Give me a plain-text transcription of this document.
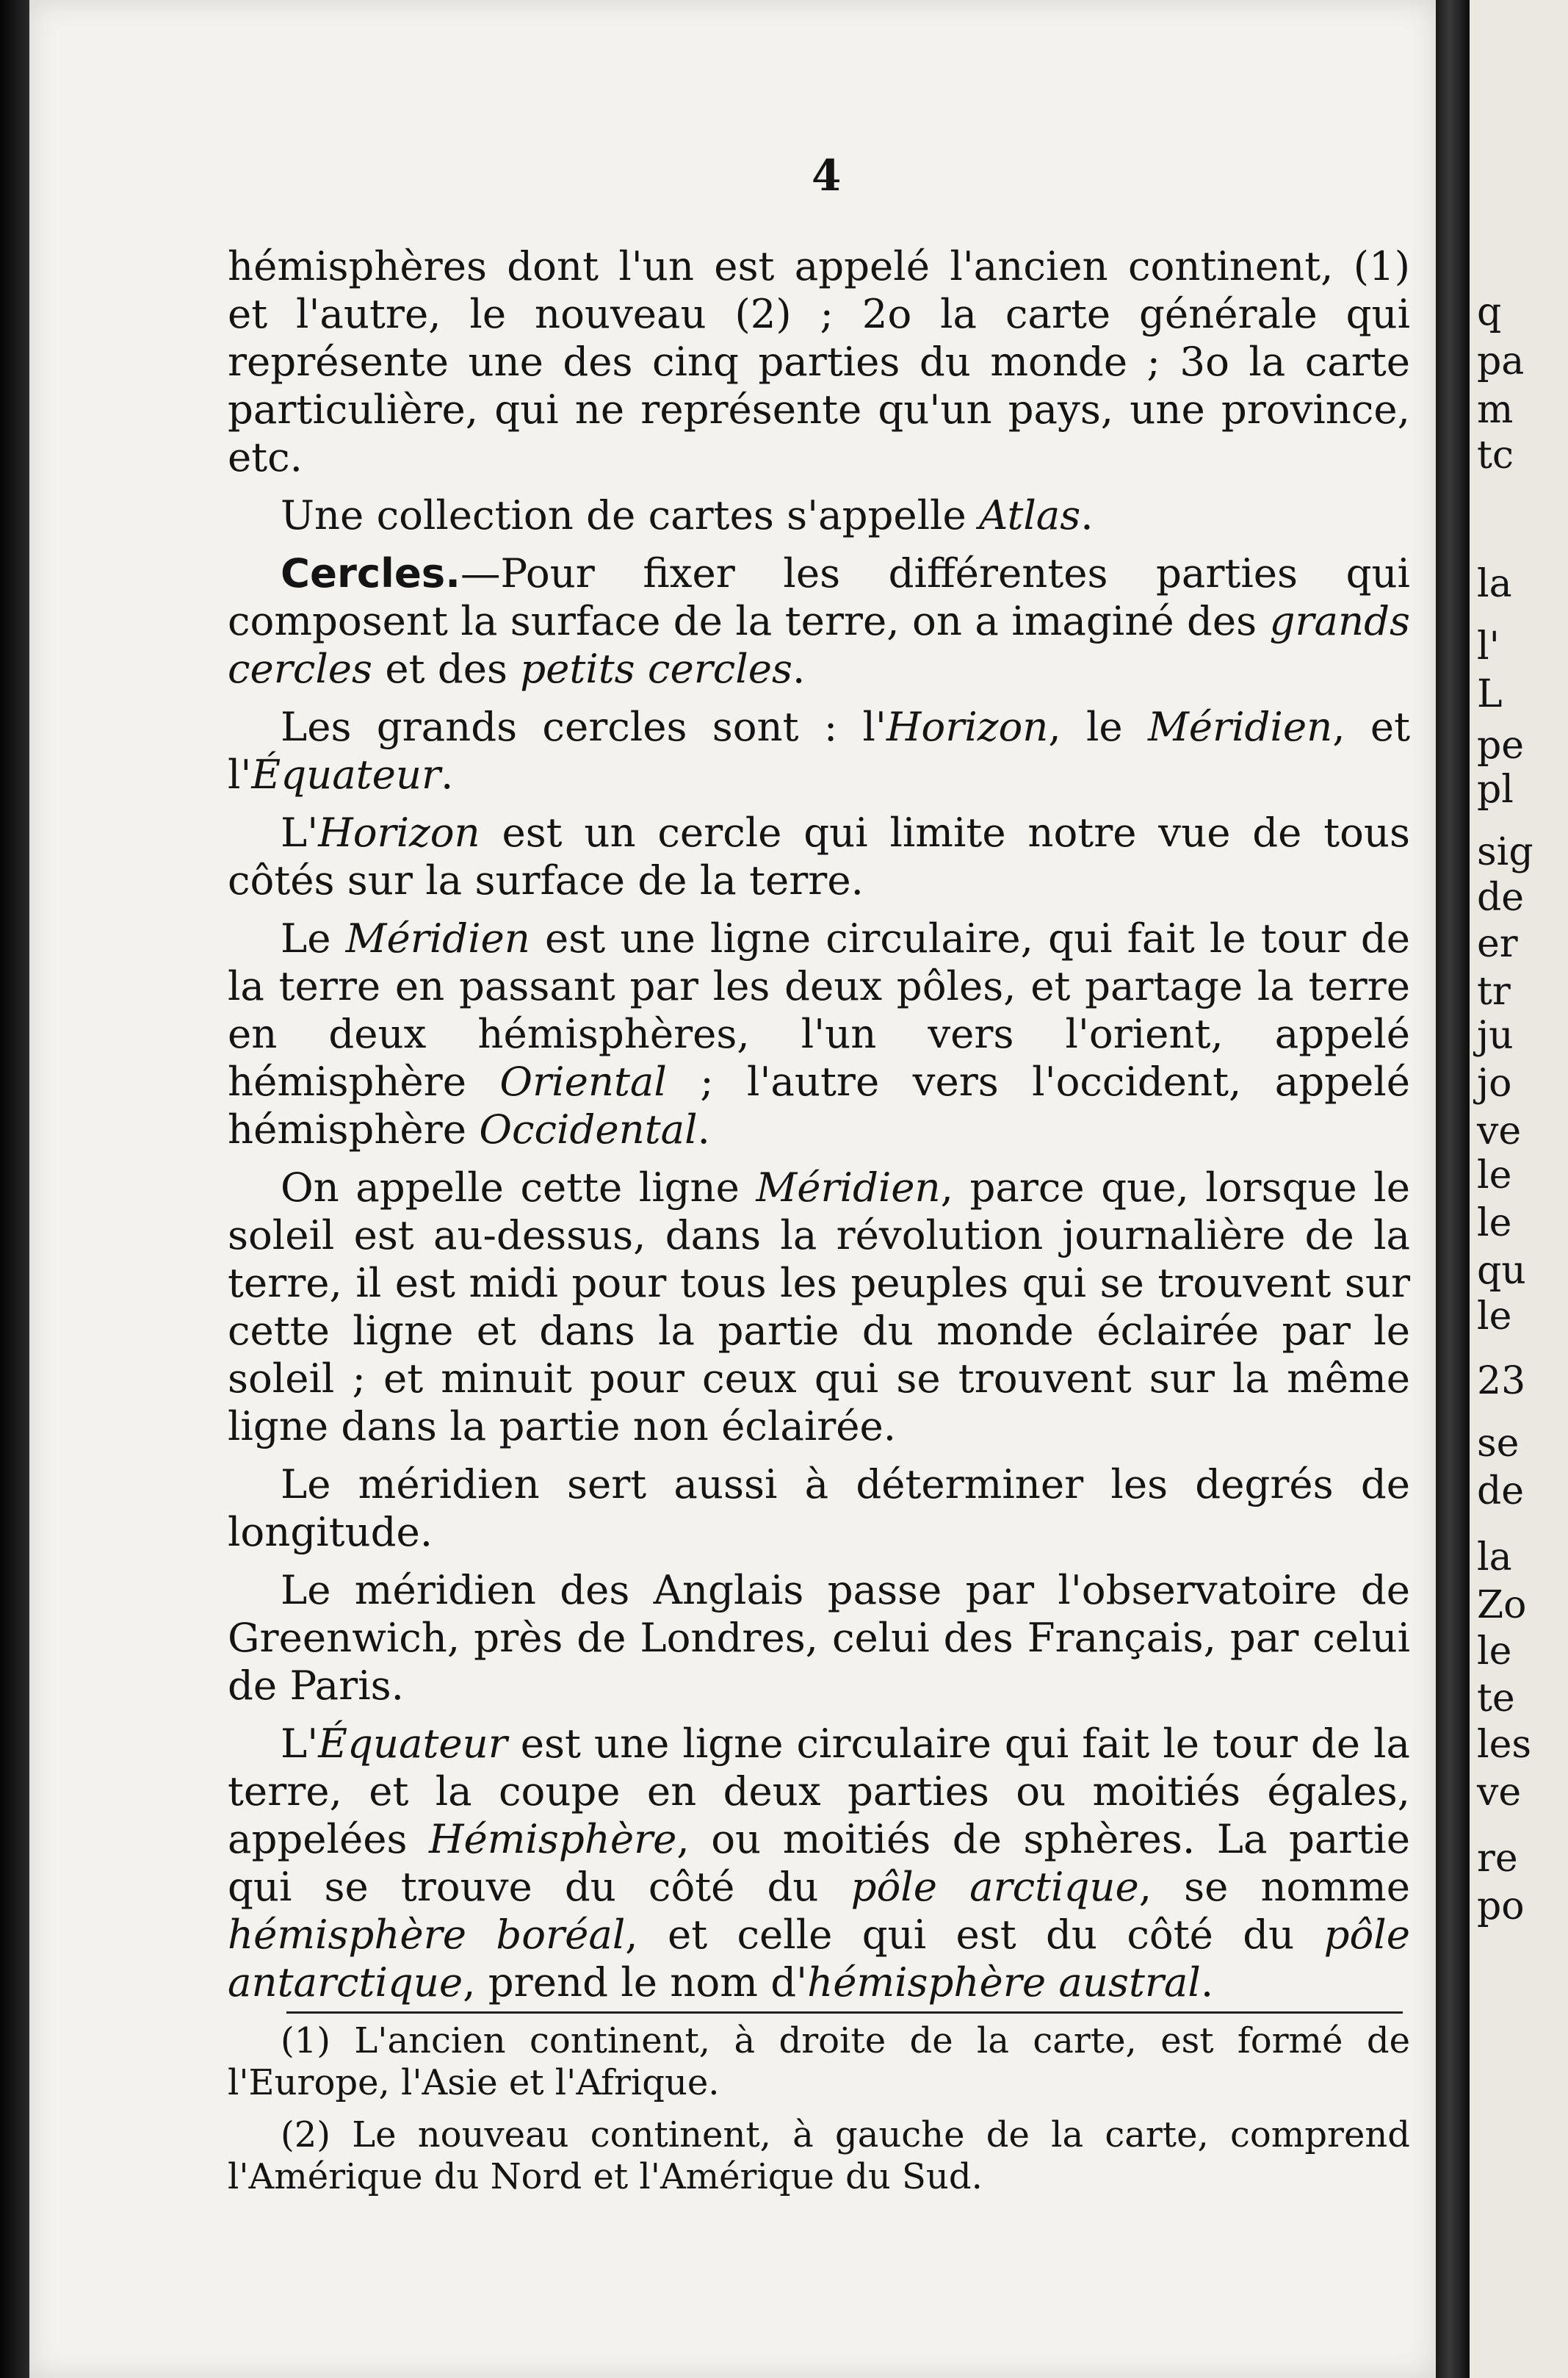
4

hémisphères dont l'un est appelé l'ancien continent, (1) et l'autre, le nouveau (2) ; 2o la carte générale qui représente une des cinq parties du monde ; 3o la carte particulière, qui ne représente qu'un pays, une province, etc.

Une collection de cartes s'appelle Atlas.

Cercles.—Pour fixer les différentes parties qui composent la surface de la terre, on a imaginé des grands cercles et des petits cercles.

Les grands cercles sont : l'Horizon, le Méridien, et l'Équateur.

L'Horizon est un cercle qui limite notre vue de tous côtés sur la surface de la terre.

Le Méridien est une ligne circulaire, qui fait le tour de la terre en passant par les deux pôles, et partage la terre en deux hémisphères, l'un vers l'orient, appelé hémisphère Oriental ; l'autre vers l'occident, appelé hémisphère Occidental.

On appelle cette ligne Méridien, parce que, lorsque le soleil est au-dessus, dans la révolution journalière de la terre, il est midi pour tous les peuples qui se trouvent sur cette ligne et dans la partie du monde éclairée par le soleil ; et minuit pour ceux qui se trouvent sur la même ligne dans la partie non éclairée.

Le méridien sert aussi à déterminer les degrés de longitude.

Le méridien des Anglais passe par l'observatoire de Greenwich, près de Londres, celui des Français, par celui de Paris.

L'Équateur est une ligne circulaire qui fait le tour de la terre, et la coupe en deux parties ou moitiés égales, appelées Hémisphère, ou moitiés de sphères. La partie qui se trouve du côté du pôle arctique, se nomme hémisphère boréal, et celle qui est du côté du pôle antarctique, prend le nom d'hémisphère austral.

(1) L'ancien continent, à droite de la carte, est formé de l'Europe, l'Asie et l'Afrique.

(2) Le nouveau continent, à gauche de la carte, comprend l'Amérique du Nord et l'Amérique du Sud.

q
pa
m
tc
la
l'
L
pe
pl
sig
de
er
tr
ju
jo
ve
le
le
qu
le
23
se
de
la
Zo
le
te
les
ve
re
po
